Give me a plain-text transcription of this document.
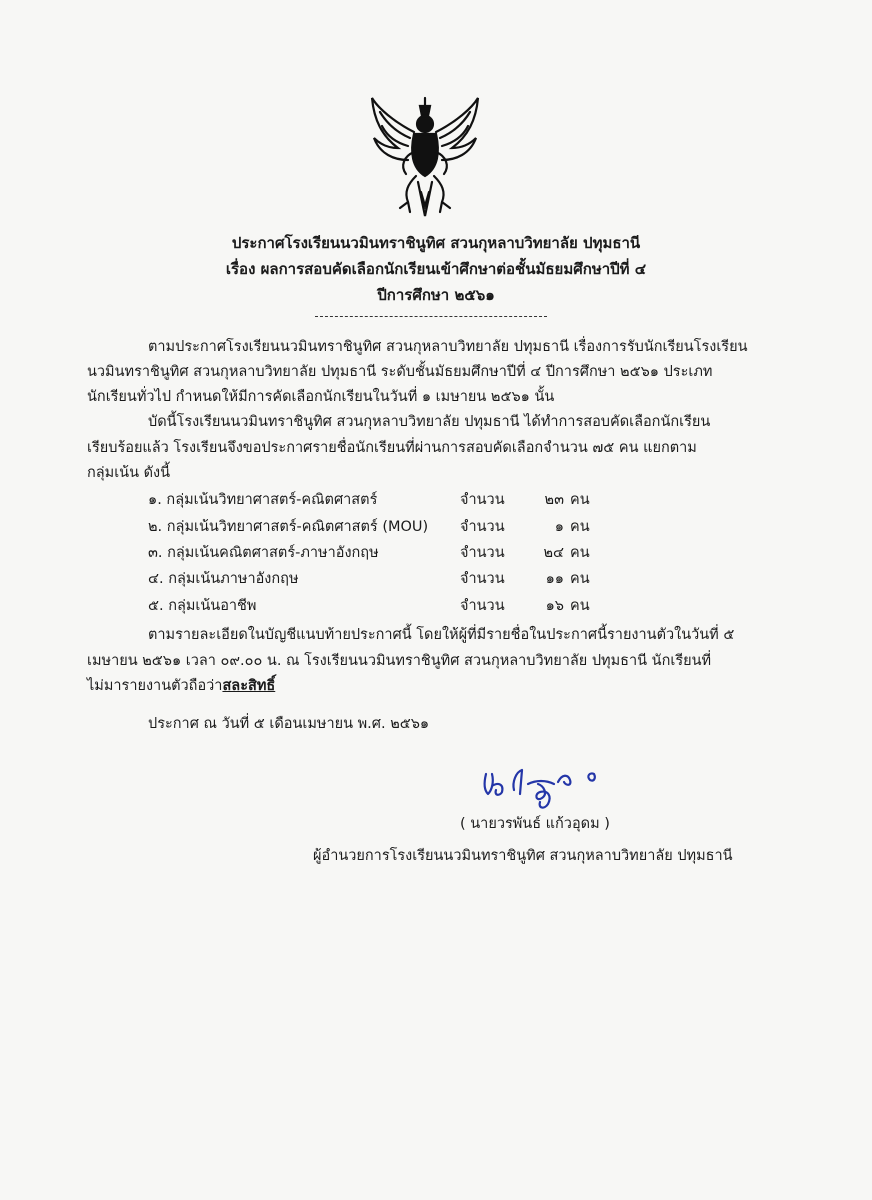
ประกาศโรงเรียนนวมินทราชินูทิศ สวนกุหลาบวิทยาลัย ปทุมธานี
เรื่อง ผลการสอบคัดเลือกนักเรียนเข้าศึกษาต่อชั้นมัธยมศึกษาปีที่ ๔
ปีการศึกษา ๒๕๖๑
ตามประกาศโรงเรียนนวมินทราชินูทิศ สวนกุหลาบวิทยาลัย ปทุมธานี เรื่องการรับนักเรียนโรงเรียน
นวมินทราชินูทิศ สวนกุหลาบวิทยาลัย ปทุมธานี ระดับชั้นมัธยมศึกษาปีที่ ๔ ปีการศึกษา ๒๕๖๑ ประเภท
นักเรียนทั่วไป กำหนดให้มีการคัดเลือกนักเรียนในวันที่ ๑ เมษายน ๒๕๖๑ นั้น
บัดนี้โรงเรียนนวมินทราชินูทิศ สวนกุหลาบวิทยาลัย ปทุมธานี ได้ทำการสอบคัดเลือกนักเรียน
เรียบร้อยแล้ว โรงเรียนจึงขอประกาศรายชื่อนักเรียนที่ผ่านการสอบคัดเลือกจำนวน ๗๕ คน แยกตาม
กลุ่มเน้น ดังนี้
๑. กลุ่มเน้นวิทยาศาสตร์-คณิตศาสตร์	จำนวน	๒๓ คน
๒. กลุ่มเน้นวิทยาศาสตร์-คณิตศาสตร์ (MOU) จำนวน	๑ คน
๓. กลุ่มเน้นคณิตศาสตร์-ภาษาอังกฤษ	จำนวน	๒๔ คน
๔. กลุ่มเน้นภาษาอังกฤษ	จำนวน	๑๑ คน
๕. กลุ่มเน้นอาชีพ	จำนวน	๑๖ คน
ตามรายละเอียดในบัญชีแนบท้ายประกาศนี้ โดยให้ผู้ที่มีรายชื่อในประกาศนี้รายงานตัวในวันที่ ๕
เมษายน ๒๕๖๑ เวลา ๐๙.๐๐ น. ณ โรงเรียนนวมินทราชินูทิศ สวนกุหลาบวิทยาลัย ปทุมธานี นักเรียนที่
ไม่มารายงานตัวถือว่าสละสิทธิ์
ประกาศ ณ วันที่ ๕ เดือนเมษายน พ.ศ. ๒๕๖๑
( นายวรพันธ์ แก้วอุดม )
ผู้อำนวยการโรงเรียนนวมินทราชินูทิศ สวนกุหลาบวิทยาลัย ปทุมธานี
